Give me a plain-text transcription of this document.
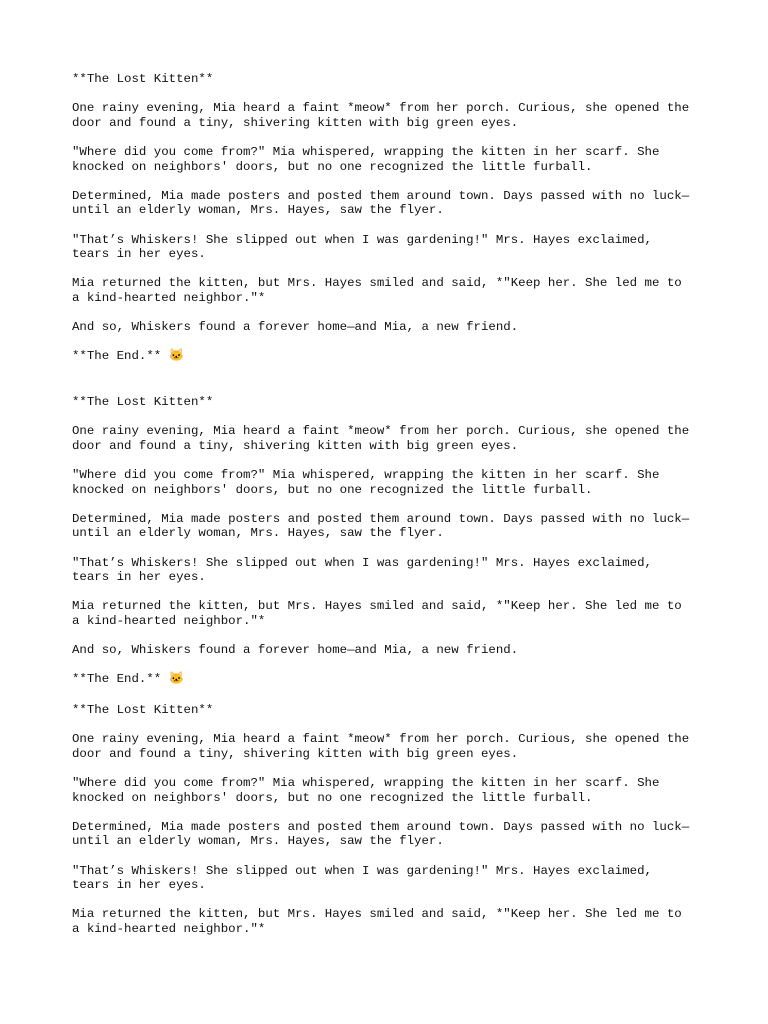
**The Lost Kitten**

One rainy evening, Mia heard a faint *meow* from her porch. Curious, she opened the
door and found a tiny, shivering kitten with big green eyes.

"Where did you come from?" Mia whispered, wrapping the kitten in her scarf. She
knocked on neighbors' doors, but no one recognized the little furball.

Determined, Mia made posters and posted them around town. Days passed with no luck—
until an elderly woman, Mrs. Hayes, saw the flyer.

"That’s Whiskers! She slipped out when I was gardening!" Mrs. Hayes exclaimed,
tears in her eyes.

Mia returned the kitten, but Mrs. Hayes smiled and said, *"Keep her. She led me to
a kind-hearted neighbor."*

And so, Whiskers found a forever home—and Mia, a new friend.

**The End.** 🐱

**The Lost Kitten**

One rainy evening, Mia heard a faint *meow* from her porch. Curious, she opened the
door and found a tiny, shivering kitten with big green eyes.

"Where did you come from?" Mia whispered, wrapping the kitten in her scarf. She
knocked on neighbors' doors, but no one recognized the little furball.

Determined, Mia made posters and posted them around town. Days passed with no luck—
until an elderly woman, Mrs. Hayes, saw the flyer.

"That’s Whiskers! She slipped out when I was gardening!" Mrs. Hayes exclaimed,
tears in her eyes.

Mia returned the kitten, but Mrs. Hayes smiled and said, *"Keep her. She led me to
a kind-hearted neighbor."*

And so, Whiskers found a forever home—and Mia, a new friend.

**The End.** 🐱

**The Lost Kitten**

One rainy evening, Mia heard a faint *meow* from her porch. Curious, she opened the
door and found a tiny, shivering kitten with big green eyes.

"Where did you come from?" Mia whispered, wrapping the kitten in her scarf. She
knocked on neighbors' doors, but no one recognized the little furball.

Determined, Mia made posters and posted them around town. Days passed with no luck—
until an elderly woman, Mrs. Hayes, saw the flyer.

"That’s Whiskers! She slipped out when I was gardening!" Mrs. Hayes exclaimed,
tears in her eyes.

Mia returned the kitten, but Mrs. Hayes smiled and said, *"Keep her. She led me to
a kind-hearted neighbor."*
